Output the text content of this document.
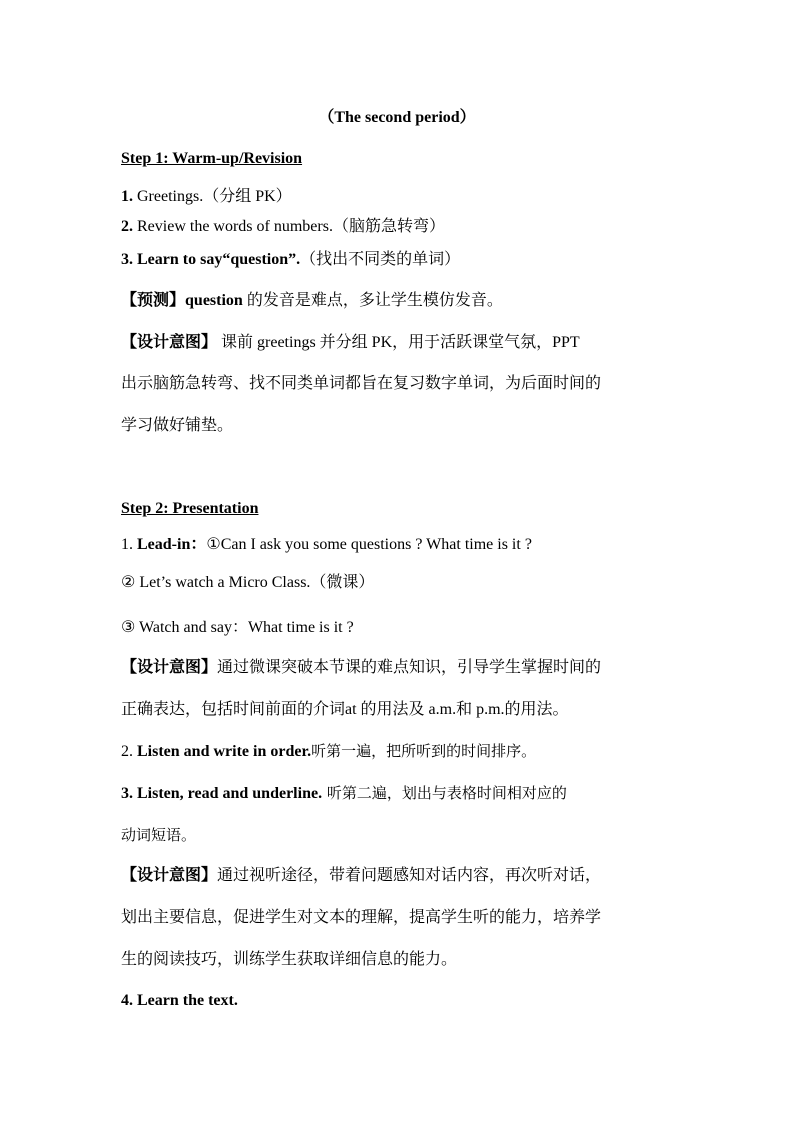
（The second period）
Step 1: Warm-up/Revision
1. Greetings.（分组 PK）
2. Review the words of numbers.（脑筋急转弯）
3. Learn to say“question”.（找出不同类的单词）
【预测】question 的发音是难点，多让学生模仿发音。
【设计意图】 课前 greetings 并分组 PK，用于活跃课堂气氛，PPT
出示脑筋急转弯、找不同类单词都旨在复习数字单词，为后面时间的
学习做好铺垫。
Step 2: Presentation
1. Lead-in：①Can I ask you some questions ? What time is it ?
② Let’s watch a Micro Class.（微课）
③ Watch and say：What time is it ?
【设计意图】通过微课突破本节课的难点知识，引导学生掌握时间的
正确表达，包括时间前面的介词at 的用法及 a.m.和 p.m.的用法。
2. Listen and write in order.听第一遍，把所听到的时间排序。
3. Listen, read and underline. 听第二遍，划出与表格时间相对应的
动词短语。
【设计意图】通过视听途径，带着问题感知对话内容，再次听对话，
划出主要信息，促进学生对文本的理解，提高学生听的能力，培养学
生的阅读技巧，训练学生获取详细信息的能力。
4. Learn the text.
